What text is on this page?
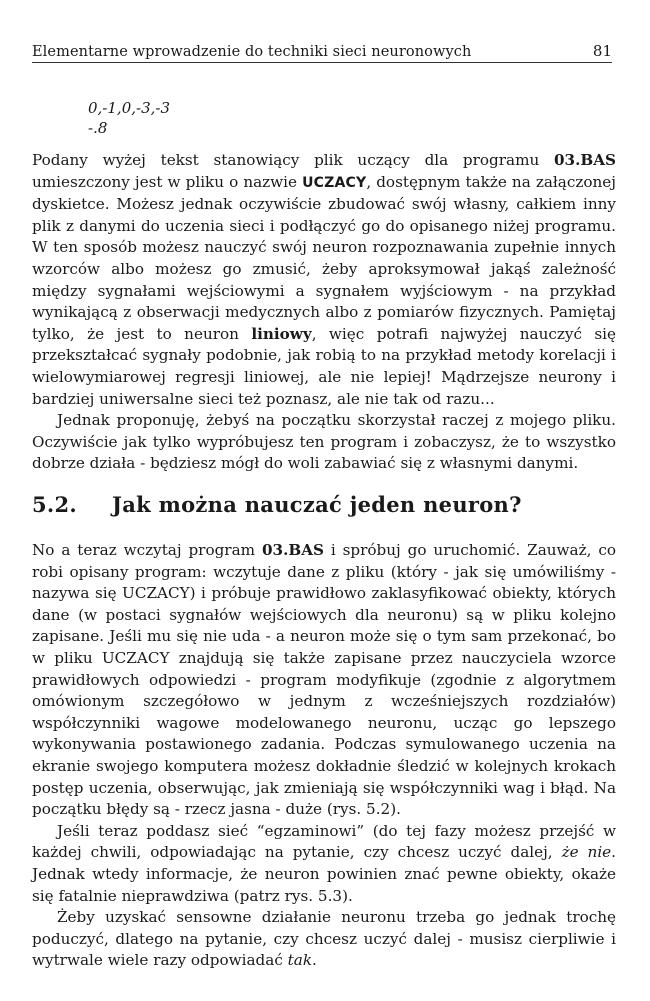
Elementarne wprowadzenie do techniki sieci neuronowych	81
0,-1,0,-3,-3
-.8

Podany wyżej tekst stanowiący plik uczący dla programu 03.BAS umieszczony jest w pliku o nazwie UCZACY, dostępnym także na załączonej dyskietce. Możesz jednak oczywiście zbudować swój własny, całkiem inny plik z danymi do uczenia sieci i podłączyć go do opisanego niżej programu. W ten sposób możesz nauczyć swój neuron rozpoznawania zupełnie innych wzorców albo możesz go zmusić, żeby aproksymował jakąś zależność między sygnałami wejściowymi a sygnałem wyjściowym - na przykład wynikającą z obserwacji medycznych albo z pomiarów fizycznych. Pamiętaj tylko, że jest to neuron liniowy, więc potrafi najwyżej nauczyć się przekształcać sygnały podobnie, jak robią to na przykład metody korelacji i wielowymiarowej regresji liniowej, ale nie lepiej! Mądrzejsze neurony i bardziej uniwersalne sieci też poznasz, ale nie tak od razu...

Jednak proponuję, żebyś na początku skorzystał raczej z mojego pliku. Oczywiście jak tylko wypróbujesz ten program i zobaczysz, że to wszystko dobrze działa - będziesz mógł do woli zabawiać się z własnymi danymi.

5.2. Jak można nauczać jeden neuron?

No a teraz wczytaj program 03.BAS i spróbuj go uruchomić. Zauważ, co robi opisany program: wczytuje dane z pliku (który - jak się umówiliśmy - nazywa się UCZACY) i próbuje prawidłowo zaklasyfikować obiekty, których dane (w postaci sygnałów wejściowych dla neuronu) są w pliku kolejno zapisane. Jeśli mu się nie uda - a neuron może się o tym sam przekonać, bo w pliku UCZACY znajdują się także zapisane przez nauczyciela wzorce prawidłowych odpowiedzi - program modyfikuje (zgodnie z algorytmem omówionym szczegółowo w jednym z wcześniejszych rozdziałów) współczynniki wagowe modelowanego neuronu, ucząc go lepszego wykonywania postawionego zadania. Podczas symulowanego uczenia na ekranie swojego komputera możesz dokładnie śledzić w kolejnych krokach postęp uczenia, obserwując, jak zmieniają się współczynniki wag i błąd. Na początku błędy są - rzecz jasna - duże (rys. 5.2).

Jeśli teraz poddasz sieć “egzaminowi” (do tej fazy możesz przejść w każdej chwili, odpowiadając na pytanie, czy chcesz uczyć dalej, że nie. Jednak wtedy informacje, że neuron powinien znać pewne obiekty, okaże się fatalnie nieprawdziwa (patrz rys. 5.3).

Żeby uzyskać sensowne działanie neuronu trzeba go jednak trochę poduczyć, dlatego na pytanie, czy chcesz uczyć dalej - musisz cierpliwie i wytrwale wiele razy odpowiadać tak.
